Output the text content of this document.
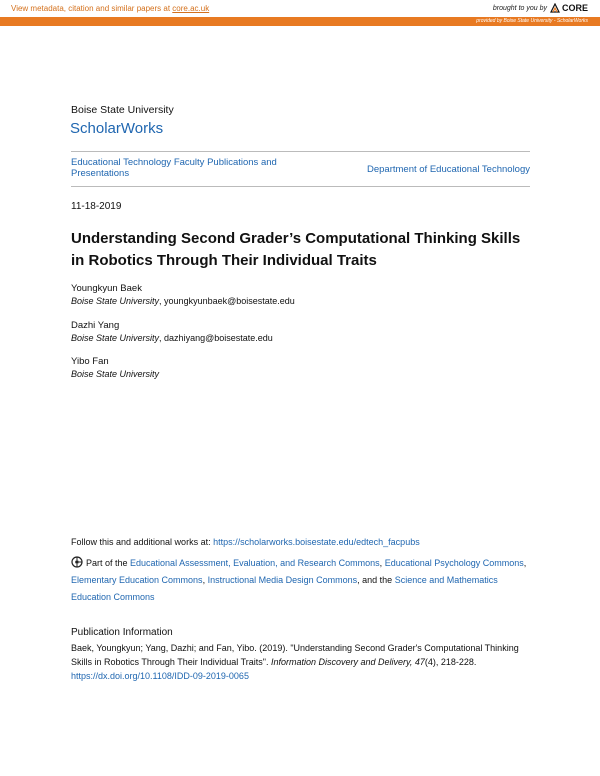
View metadata, citation and similar papers at core.ac.uk	brought to you by CORE
provided by Boise State University - ScholarWorks
Boise State University
ScholarWorks
Educational Technology Faculty Publications and Presentations	Department of Educational Technology
11-18-2019
Understanding Second Grader’s Computational Thinking Skills in Robotics Through Their Individual Traits
Youngkyun Baek
Boise State University, youngkyunbaek@boisestate.edu
Dazhi Yang
Boise State University, dazhiyang@boisestate.edu
Yibo Fan
Boise State University
Follow this and additional works at: https://scholarworks.boisestate.edu/edtech_facpubs
Part of the Educational Assessment, Evaluation, and Research Commons, Educational Psychology Commons, Elementary Education Commons, Instructional Media Design Commons, and the Science and Mathematics Education Commons
Publication Information
Baek, Youngkyun; Yang, Dazhi; and Fan, Yibo. (2019). "Understanding Second Grader's Computational Thinking Skills in Robotics Through Their Individual Traits". Information Discovery and Delivery, 47(4), 218-228. https://dx.doi.org/10.1108/IDD-09-2019-0065
